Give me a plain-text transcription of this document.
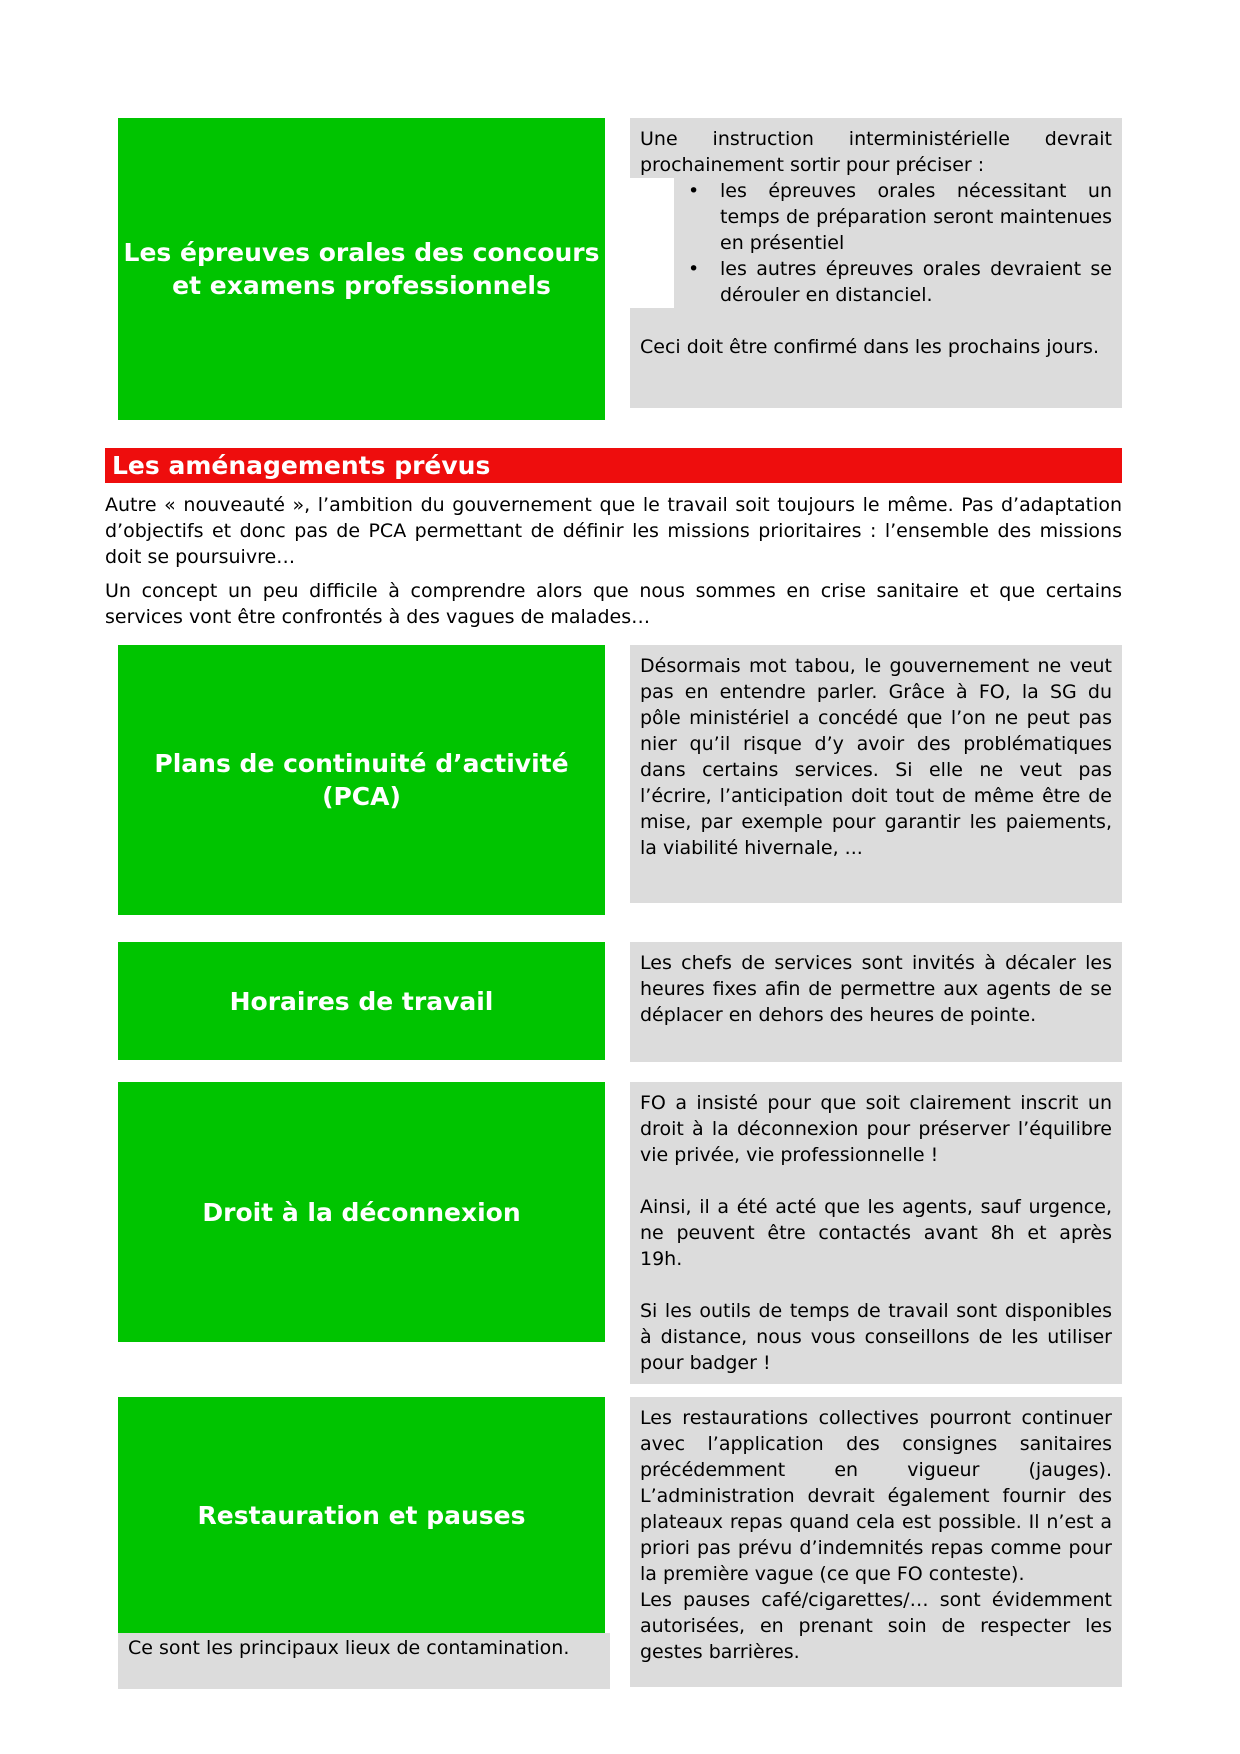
Les épreuves orales des concours
et examens professionnels

Une instruction interministérielle devrait prochainement sortir pour préciser :

• les épreuves orales nécessitant un temps de préparation seront maintenues en présentiel
• les autres épreuves orales devraient se dérouler en distanciel.

Ceci doit être confirmé dans les prochains jours.

Les aménagements prévus

Autre « nouveauté », l’ambition du gouvernement que le travail soit toujours le même. Pas d’adaptation d’objectifs et donc pas de PCA permettant de définir les missions prioritaires : l’ensemble des missions doit se poursuivre…

Un concept un peu difficile à comprendre alors que nous sommes en crise sanitaire et que certains services vont être confrontés à des vagues de malades…

Plans de continuité d’activité
(PCA)

Désormais mot tabou, le gouvernement ne veut pas en entendre parler. Grâce à FO, la SG du pôle ministériel a concédé que l’on ne peut pas nier qu’il risque d’y avoir des problématiques dans certains services. Si elle ne veut pas l’écrire, l’anticipation doit tout de même être de mise, par exemple pour garantir les paiements, la viabilité hivernale, ...

Horaires de travail

Les chefs de services sont invités à décaler les heures fixes afin de permettre aux agents de se déplacer en dehors des heures de pointe.

Droit à la déconnexion

FO a insisté pour que soit clairement inscrit un droit à la déconnexion pour préserver l’équilibre vie privée, vie professionnelle !

Ainsi, il a été acté que les agents, sauf urgence, ne peuvent être contactés avant 8h et après 19h.

Si les outils de temps de travail sont disponibles à distance, nous vous conseillons de les utiliser pour badger !

Restauration et pauses

Les restaurations collectives pourront continuer avec l’application des consignes sanitaires précédemment en vigueur (jauges). L’administration devrait également fournir des plateaux repas quand cela est possible. Il n’est a priori pas prévu d’indemnités repas comme pour la première vague (ce que FO conteste).

Les pauses café/cigarettes/… sont évidemment autorisées, en prenant soin de respecter les gestes barrières.

Ce sont les principaux lieux de contamination.
